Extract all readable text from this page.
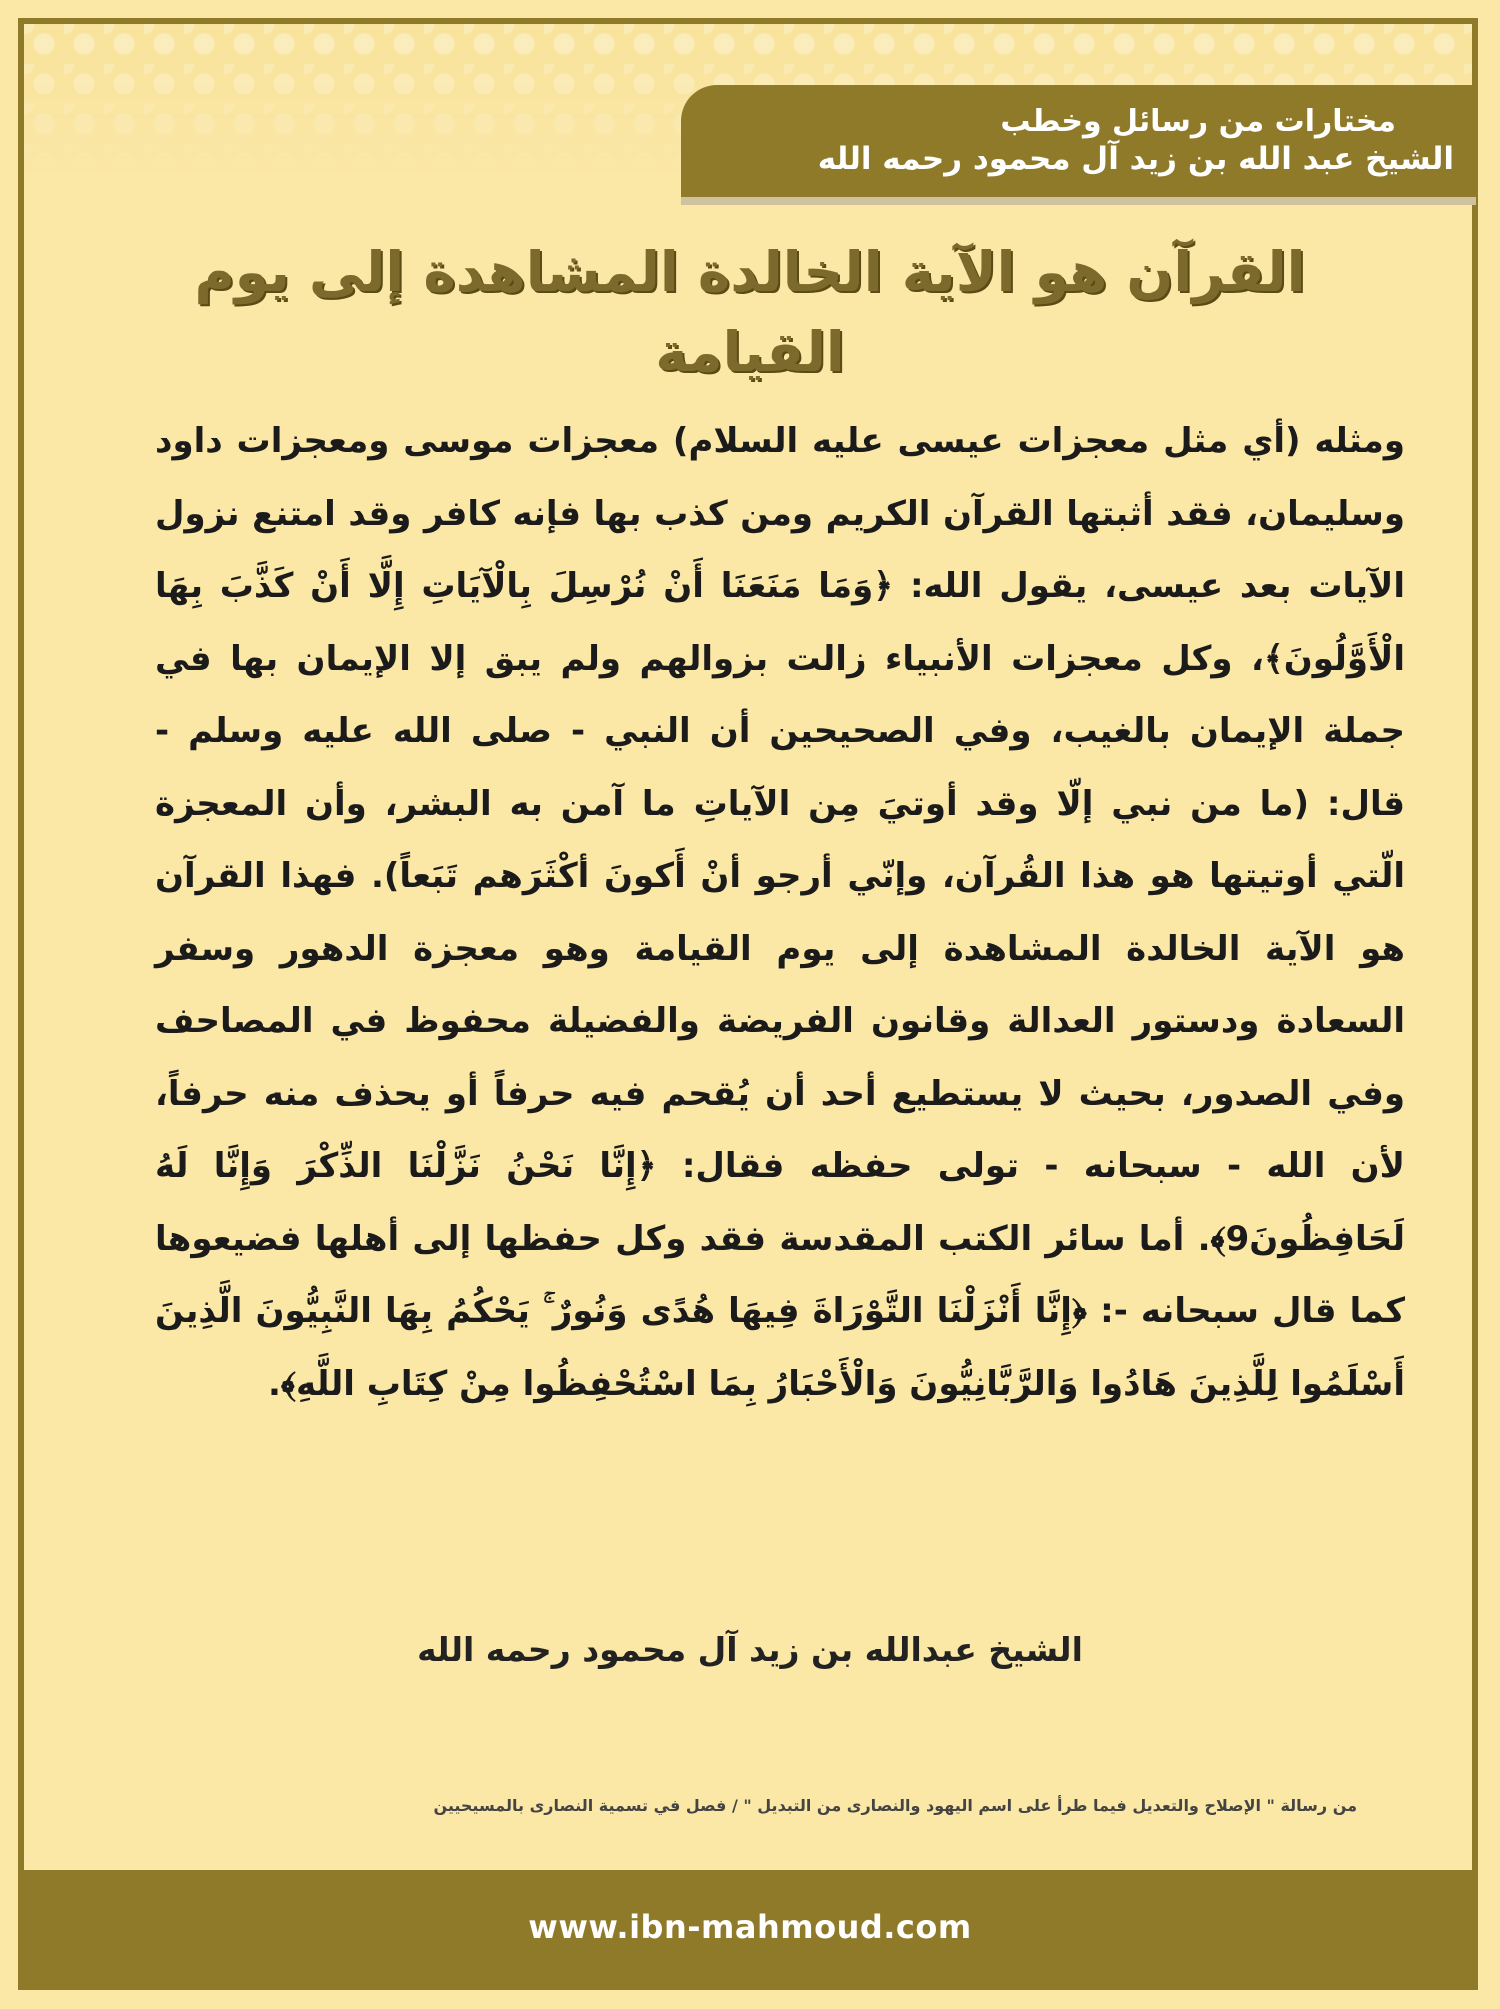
مختارات من رسائل وخطب
الشيخ عبد الله بن زيد آل محمود رحمه الله
القرآن هو الآية الخالدة المشاهدة إلى يوم القيامة
ومثله (أي مثل معجزات عيسى عليه السلام) معجزات موسى ومعجزات داود وسليمان، فقد أثبتها القرآن الكريم ومن كذب بها فإنه كافر وقد امتنع نزول الآيات بعد عيسى، يقول الله: ﴿وَمَا مَنَعَنَا أَنْ نُرْسِلَ بِالْآيَاتِ إِلَّا أَنْ كَذَّبَ بِهَا الْأَوَّلُونَ﴾، وكل معجزات الأنبياء زالت بزوالهم ولم يبق إلا الإيمان بها في جملة الإيمان بالغيب، وفي الصحيحين أن النبي - صلى الله عليه وسلم - قال: (ما من نبي إلّا وقد أوتيَ مِن الآياتِ ما آمن به البشر، وأن المعجزة الّتي أوتيتها هو هذا القُرآن، وإنّي أرجو أنْ أَكونَ أكْثَرَهم تَبَعاً). فهذا القرآن هو الآية الخالدة المشاهدة إلى يوم القيامة وهو معجزة الدهور وسفر السعادة ودستور العدالة وقانون الفريضة والفضيلة محفوظ في المصاحف وفي الصدور، بحيث لا يستطيع أحد أن يُقحم فيه حرفاً أو يحذف منه حرفاً، لأن الله - سبحانه - تولى حفظه فقال: ﴿إِنَّا نَحْنُ نَزَّلْنَا الذِّكْرَ وَإِنَّا لَهُ لَحَافِظُونَ9﴾. أما سائر الكتب المقدسة فقد وكل حفظها إلى أهلها فضيعوها كما قال سبحانه -: ﴿إِنَّا أَنْزَلْنَا التَّوْرَاةَ فِيهَا هُدًى وَنُورٌ ۚ يَحْكُمُ بِهَا النَّبِيُّونَ الَّذِينَ أَسْلَمُوا لِلَّذِينَ هَادُوا وَالرَّبَّانِيُّونَ وَالْأَحْبَارُ بِمَا اسْتُحْفِظُوا مِنْ كِتَابِ اللَّهِ﴾.
الشيخ عبدالله بن زيد آل محمود رحمه الله
من رسالة " الإصلاح والتعديل فيما طرأ على اسم اليهود والنصارى من التبديل " / فصل في تسمية النصارى بالمسيحيين
www.ibn-mahmoud.com
